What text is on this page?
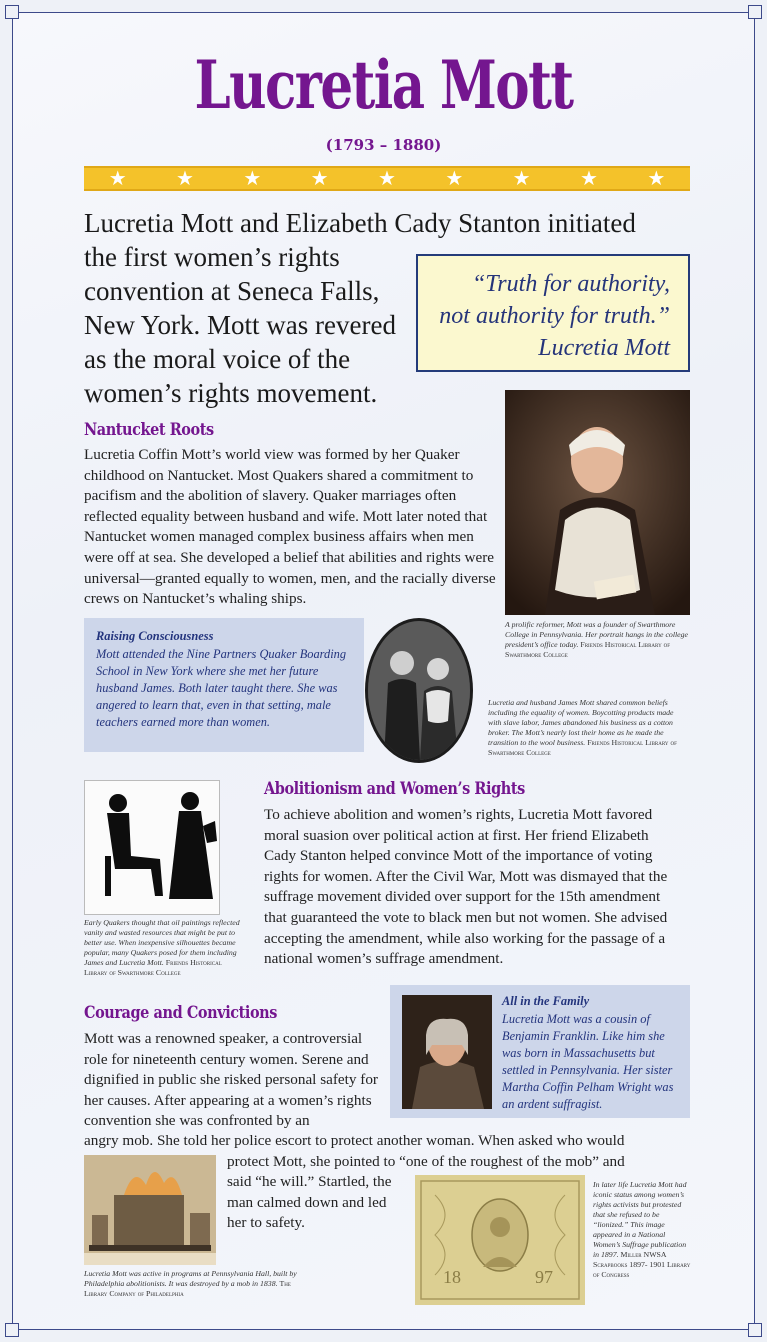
Lucretia Mott
(1793 – 1880)
★ ★ ★ ★ ★ ★ ★ ★ ★
Lucretia Mott and Elizabeth Cady Stanton initiated
the first women’s rights convention at Seneca Falls, New York. Mott was revered as the moral voice of the women’s rights movement.
“Truth for authority,
not authority for truth.”
Lucretia Mott
Nantucket Roots
Lucretia Coffin Mott’s world view was formed by her Quaker childhood on Nantucket. Most Quakers shared a commitment to pacifism and the abolition of slavery. Quaker marriages often reflected equality between husband and wife. Mott later noted that Nantucket women managed complex business affairs when men were off at sea. She developed a belief that abilities and rights were universal—granted equally to women, men, and the racially diverse crews on Nantucket’s whaling ships.
A prolific reformer, Mott was a founder of Swarthmore College in Pennsylvania. Her portrait hangs in the college president’s office today. Friends Historical Library of Swarthmore College
Raising Consciousness
Mott attended the Nine Partners Quaker Boarding School in New York where she met her future husband James. Both later taught there. She was angered to learn that, even in that setting, male teachers earned more than women.
Lucretia and husband James Mott shared common beliefs including the equality of women. Boycotting products made with slave labor, James abandoned his business as a cotton broker. The Mott’s nearly lost their home as he made the transition to the wool business. Friends Historical Library of Swarthmore College
Early Quakers thought that oil paintings reflected vanity and wasted resources that might be put to better use. When inexpensive silhouettes became popular, many Quakers posed for them including James and Lucretia Mott. Friends Historical Library of Swarthmore College
Abolitionism and Women’s Rights
To achieve abolition and women’s rights, Lucretia Mott favored moral suasion over political action at first. Her friend Elizabeth Cady Stanton helped convince Mott of the importance of voting rights for women. After the Civil War, Mott was dismayed that the suffrage movement divided over support for the 15th amendment that guaranteed the vote to black men but not women. She advised accepting the amendment, while also working for the passage of a national women’s suffrage amendment.
Courage and Convictions
Mott was a renowned speaker, a controversial role for nineteenth century women. Serene and dignified in public she risked personal safety for her causes. After appearing at a women’s rights convention she was confronted by an
angry mob. She told her police escort to protect another woman. When asked who would
protect Mott, she pointed to “one of the roughest of the mob” and
said “he will.” Startled, the man calmed down and led her to safety.
All in the Family
Lucretia Mott was a cousin of Benjamin Franklin. Like him she was born in Massachusetts but settled in Pennsylvania. Her sister Martha Coffin Pelham Wright was an ardent suffragist.
Lucretia Mott was active in programs at Pennsylvania Hall, built by Philadelphia abolitionists. It was destroyed by a mob in 1838. The Library Company of Philadelphia
18	97
In later life Lucretia Mott had iconic status among women’s rights activists but protested that she refused to be “lionized.” This image appeared in a National Women’s Suffrage publication in 1897. Miller NWSA Scrapbooks 1897- 1901 Library of Congress
